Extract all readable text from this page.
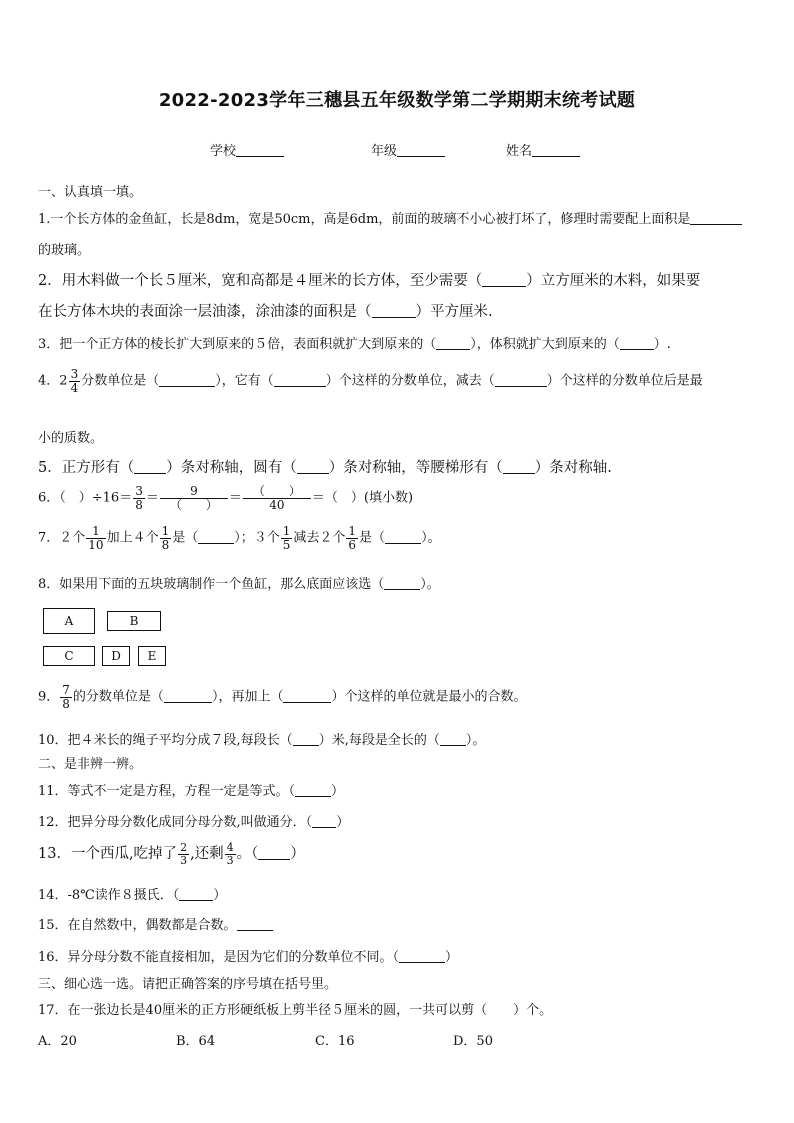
2022-2023学年三穗县五年级数学第二学期期末统考试题
学校	年级	姓名
一、认真填一填。
1.一个长方体的金鱼缸，长是8dm，宽是50cm，高是6dm，前面的玻璃不小心被打坏了，修理时需要配上面积是
的玻璃。
2．用木料做一个长５厘米，宽和高都是４厘米的长方体，至少需要（	）立方厘米的木料，如果要
在长方体木块的表面涂一层油漆，涂油漆的面积是（	）平方厘米.
3．把一个正方体的棱长扩大到原来的５倍，表面积就扩大到原来的（	），体积就扩大到原来的（	）.
4．$2 \frac{3}{4}$ 分数单位是（	），它有（	）个这样的分数单位，减去（	）个这样的分数单位后是最
小的质数。
5．正方形有（ ）条对称轴，圆有（ ）条对称轴，等腰梯形有（ ）条对称轴.
6．（　）$\div 16= \frac{3}{8} = \frac{9}{( )} = \frac{( )}{40}$ ＝（　）(填小数)
7．２个 $\frac{1}{10}$ 加上４个 $\frac{1}{8}$ 是（	）；３个 $\frac{1}{5}$ 减去２个 $\frac{1}{6}$ 是（	）。
8．如果用下面的五块玻璃制作一个鱼缸，那么底面应该选（	）。
A	B
C	D	E
9． $\frac{7}{8}$ 的分数单位是（	），再加上（	）个这样的单位就是最小的合数。
10．把４米长的绳子平均分成７段,每段长（ ）米,每段是全长的（ ）。
二、是非辨一辨。
11．等式不一定是方程，方程一定是等式。（	）
12．把异分母分数化成同分母分数,叫做通分．（ ）
13．一个西瓜,吃掉了 $\frac{2}{3}$ ,还剩 $\frac{4}{3}$ 。（ ）
14．-8℃读作８摄氏．（	）
15．在自然数中，偶数都是合数。
16．异分母分数不能直接相加，是因为它们的分数单位不同。（	）
三、细心选一选。请把正确答案的序号填在括号里。
17．在一张边长是40厘米的正方形硬纸板上剪半径５厘米的圆，一共可以剪（　　）个。
A．20	B．64	C．16	D．50
